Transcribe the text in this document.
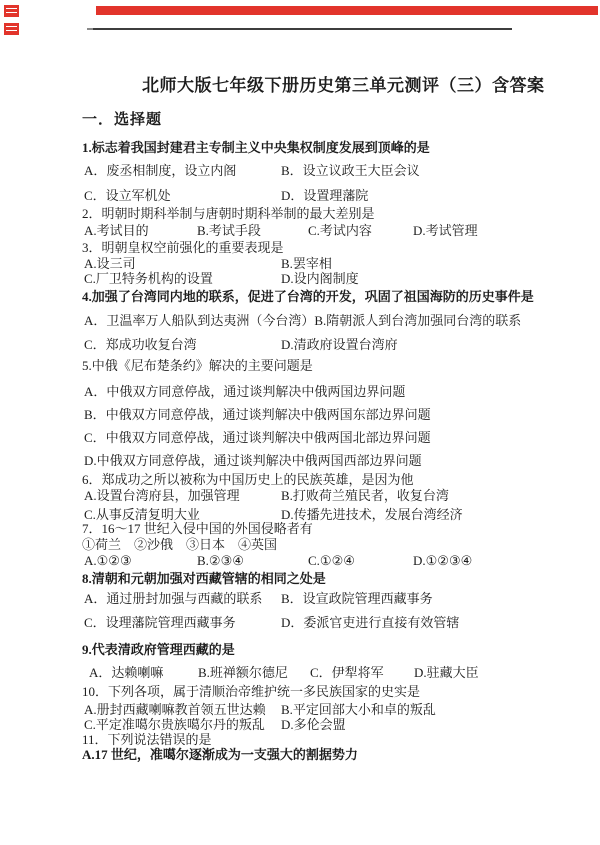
北师大版七年级下册历史第三单元测评（三）含答案
一．选择题
1.标志着我国封建君主专制主义中央集权制度发展到顶峰的是
A．废丞相制度，设立内阁	B．设立议政王大臣会议
C．设立军机处	D．设置理藩院
2．明朝时期科举制与唐朝时期科举制的最大差别是
A.考试目的	B.考试手段	C.考试内容	D.考试管理
3．明朝皇权空前强化的重要表现是
A.设三司	B.罢宰相
C.厂卫特务机构的设置	D.设内阁制度
4.加强了台湾同内地的联系，促进了台湾的开发，巩固了祖国海防的历史事件是
A．卫温率万人船队到达夷洲（今台湾）B.隋朝派人到台湾加强同台湾的联系
C．郑成功收复台湾	D.清政府设置台湾府
5.中俄《尼布楚条约》解决的主要问题是
A．中俄双方同意停战，通过谈判解决中俄两国边界问题
B．中俄双方同意停战，通过谈判解决中俄两国东部边界问题
C．中俄双方同意停战，通过谈判解决中俄两国北部边界问题
D.中俄双方同意停战，通过谈判解决中俄两国西部边界问题
6．郑成功之所以被称为中国历史上的民族英雄，是因为他
A.设置台湾府县，加强管理	B.打败荷兰殖民者，收复台湾
C.从事反清复明大业	D.传播先进技术，发展台湾经济
7．16～17 世纪入侵中国的外国侵略者有
①荷兰　②沙俄　③日本　④英国
A.①②③	B.②③④	C.①②④	D.①②③④
8.清朝和元朝加强对西藏管辖的相同之处是
A．通过册封加强与西藏的联系 B．设宣政院管理西藏事务
C．设理藩院管理西藏事务	D．委派官吏进行直接有效管辖
9.代表清政府管理西藏的是
A．达赖喇嘛	B.班禅额尔德尼 C．伊犁将军 D.驻藏大臣
10．下列各项，属于清顺治帝维护统一多民族国家的史实是
A.册封西藏喇嘛教首领五世达赖 B.平定回部大小和卓的叛乱
C.平定准噶尔贵族噶尔丹的叛乱 D.多伦会盟
11．下列说法错误的是
A.17 世纪，准噶尔逐渐成为一支强大的割据势力
